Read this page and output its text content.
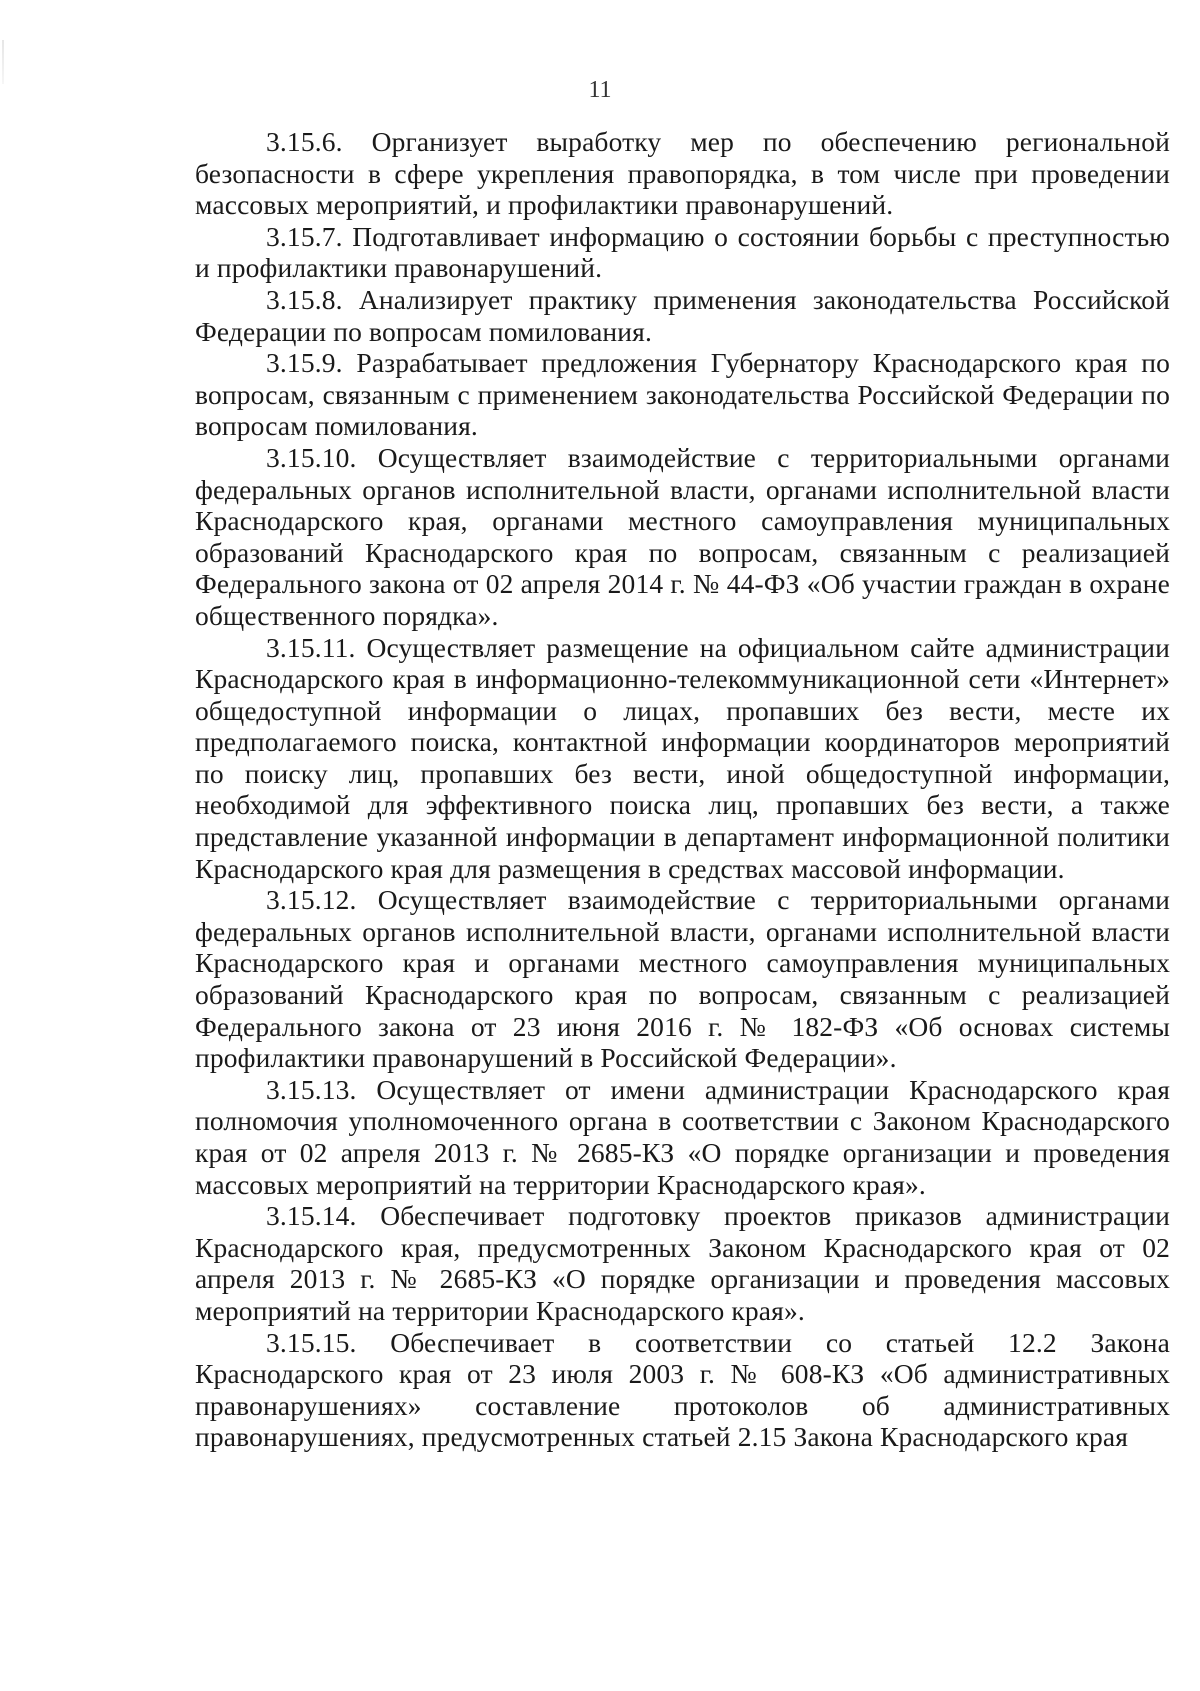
11

3.15.6. Организует выработку мер по обеспечению региональной безопасности в сфере укрепления правопорядка, в том числе при проведении массовых мероприятий, и профилактики правонарушений.

3.15.7. Подготавливает информацию о состоянии борьбы с преступностью и профилактики правонарушений.

3.15.8. Анализирует практику применения законодательства Российской Федерации по вопросам помилования.

3.15.9. Разрабатывает предложения Губернатору Краснодарского края по вопросам, связанным с применением законодательства Российской Федерации по вопросам помилования.

3.15.10. Осуществляет взаимодействие с территориальными органами федеральных органов исполнительной власти, органами исполнительной власти Краснодарского края, органами местного самоуправления муниципальных образований Краснодарского края по вопросам, связанным с реализацией Федерального закона от 02 апреля 2014 г. № 44-ФЗ «Об участии граждан в охране общественного порядка».

3.15.11. Осуществляет размещение на официальном сайте администрации Краснодарского края в информационно-телекоммуникационной сети «Интернет» общедоступной информации о лицах, пропавших без вести, месте их предполагаемого поиска, контактной информации координаторов мероприятий по поиску лиц, пропавших без вести, иной общедоступной информации, необходимой для эффективного поиска лиц, пропавших без вести, а также представление указанной информации в департамент информационной политики Краснодарского края для размещения в средствах массовой информации.

3.15.12. Осуществляет взаимодействие с территориальными органами федеральных органов исполнительной власти, органами исполнительной власти Краснодарского края и органами местного самоуправления муниципальных образований Краснодарского края по вопросам, связанным с реализацией Федерального закона от 23 июня 2016 г. № 182-ФЗ «Об основах системы профилактики правонарушений в Российской Федерации».

3.15.13. Осуществляет от имени администрации Краснодарского края полномочия уполномоченного органа в соответствии с Законом Краснодарского края от 02 апреля 2013 г. № 2685-КЗ «О порядке организации и проведения массовых мероприятий на территории Краснодарского края».

3.15.14. Обеспечивает подготовку проектов приказов администрации Краснодарского края, предусмотренных Законом Краснодарского края от 02 апреля 2013 г. № 2685-КЗ «О порядке организации и проведения массовых мероприятий на территории Краснодарского края».

3.15.15. Обеспечивает в соответствии со статьей 12.2 Закона Краснодарского края от 23 июля 2003 г. № 608-КЗ «Об административных правонарушениях» составление протоколов об административных правонарушениях, предусмотренных статьей 2.15 Закона Краснодарского края
